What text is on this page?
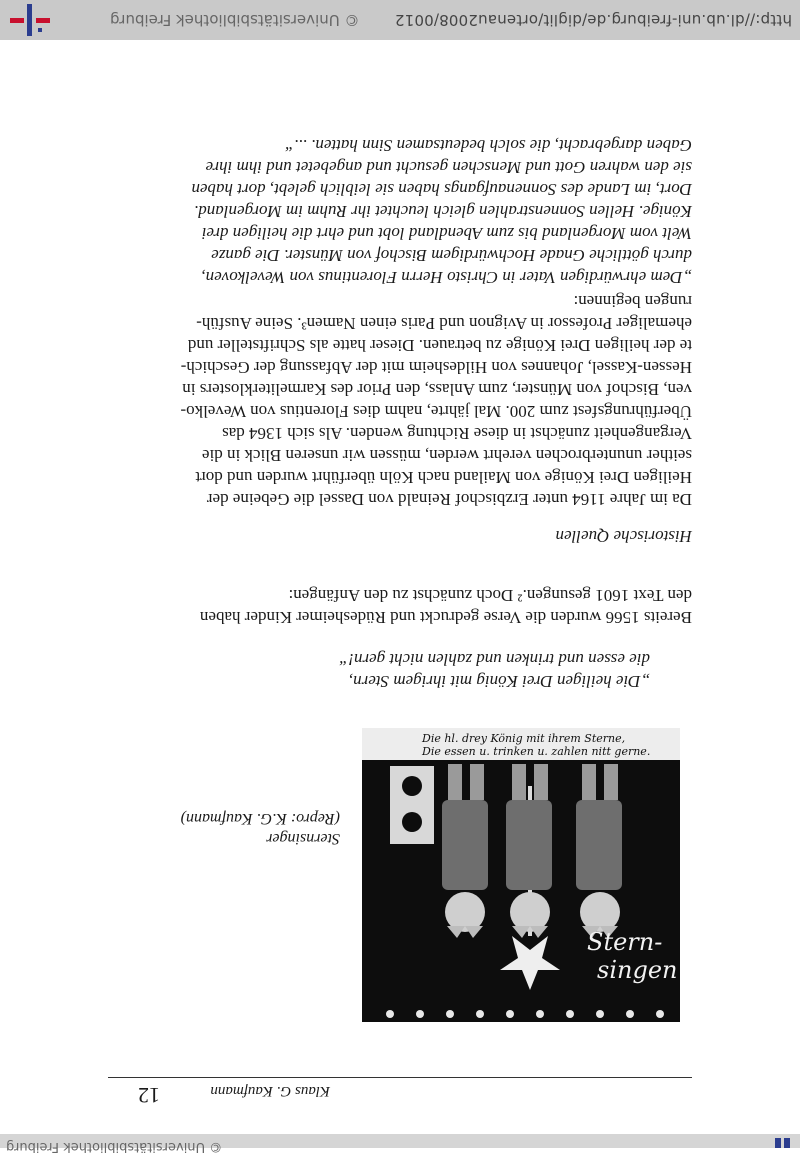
© Universitätsbibliothek Freiburg
12	Klaus G. Kaufmann
Stern-
singen
Die hl. drey König mit ihrem Sterne,
Die essen u. trinken u. zahlen nitt gerne.
Sternsinger
(Repro: K.G. Kaufmann)
„Die heiligen Drei König mit ihrigem Stern,
die essen und trinken und zahlen nicht gern!“
Bereits 1566 wurden die Verse gedruckt und Rüdesheimer Kinder haben
den Text 1601 gesungen.² Doch zunächst zu den Anfängen:
Historische Quellen
Da im Jahre 1164 unter Erzbischof Reinald von Dassel die Gebeine der
Heiligen Drei Könige von Mailand nach Köln überführt wurden und dort
seither ununterbrochen verehrt werden, müssen wir unseren Blick in die
Vergangenheit zunächst in diese Richtung wenden. Als sich 1364 das
Überführungsfest zum 200. Mal jährte, nahm dies Florentius von Wevelko-
ven, Bischof von Münster, zum Anlass, den Prior des Karmeliterklosters in
Hessen-Kassel, Johannes von Hildesheim mit der Abfassung der Geschich-
te der heiligen Drei Könige zu betrauen. Dieser hatte als Schriftsteller und
ehemaliger Professor in Avignon und Paris einen Namen³. Seine Ausfüh-
rungen beginnen:
„Dem ehrwürdigen Vater in Christo Herrn Florentinus von Wevelkoven,
durch göttliche Gnade Hochwürdigem Bischof von Münster. Die ganze
Welt vom Morgenland bis zum Abendland lobt und ehrt die heiligen drei
Könige. Hellen Sonnenstrahlen gleich leuchtet ihr Ruhm im Morgenland.
Dort, im Lande des Sonnenaufgangs haben sie leiblich gelebt, dort haben
sie den wahren Gott und Menschen gesucht und angebetet und ihm ihre
Gaben dargebracht, die solch bedeutsamen Sinn hatten. ...“
http://dl.ub.uni-freiburg.de/diglit/ortenau2008/0012
© Universitätsbibliothek Freiburg
